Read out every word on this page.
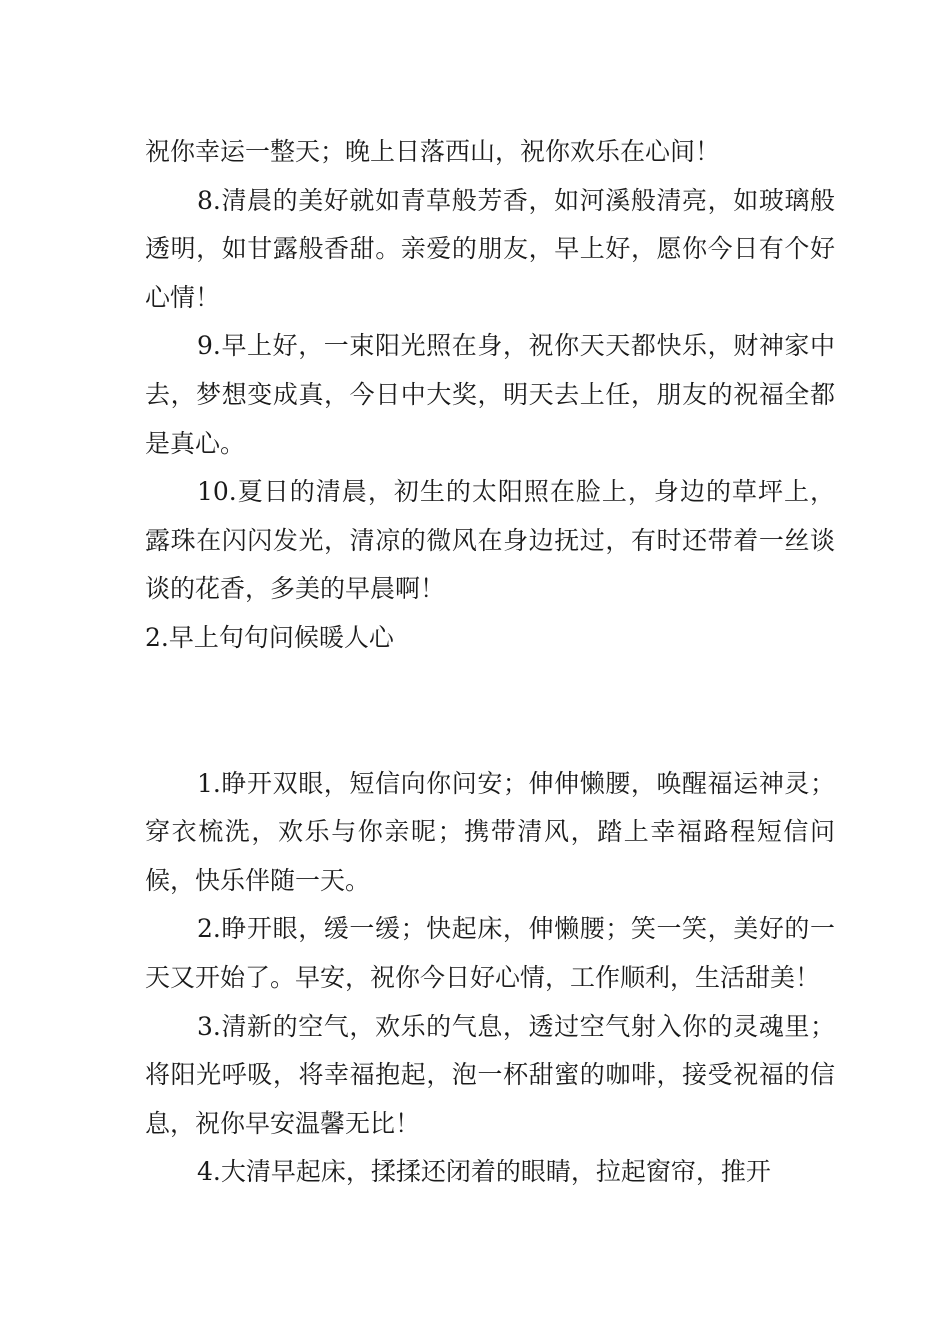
祝你幸运一整天；晚上日落西山，祝你欢乐在心间！

8.清晨的美好就如青草般芳香，如河溪般清亮，如玻璃般透明，如甘露般香甜。亲爱的朋友，早上好，愿你今日有个好心情！

9.早上好，一束阳光照在身，祝你天天都快乐，财神家中去，梦想变成真，今日中大奖，明天去上任，朋友的祝福全都是真心。

10.夏日的清晨，初生的太阳照在脸上，身边的草坪上，露珠在闪闪发光，清凉的微风在身边抚过，有时还带着一丝谈谈的花香，多美的早晨啊！

2.早上句句问候暖人心

1.睁开双眼，短信向你问安；伸伸懒腰，唤醒福运神灵；穿衣梳洗，欢乐与你亲昵；携带清风，踏上幸福路程短信问候，快乐伴随一天。

2.睁开眼，缓一缓；快起床，伸懒腰；笑一笑，美好的一天又开始了。早安，祝你今日好心情，工作顺利，生活甜美！

3.清新的空气，欢乐的气息，透过空气射入你的灵魂里；将阳光呼吸，将幸福抱起，泡一杯甜蜜的咖啡，接受祝福的信息，祝你早安温馨无比！

4.大清早起床，揉揉还闭着的眼睛，拉起窗帘，推开
